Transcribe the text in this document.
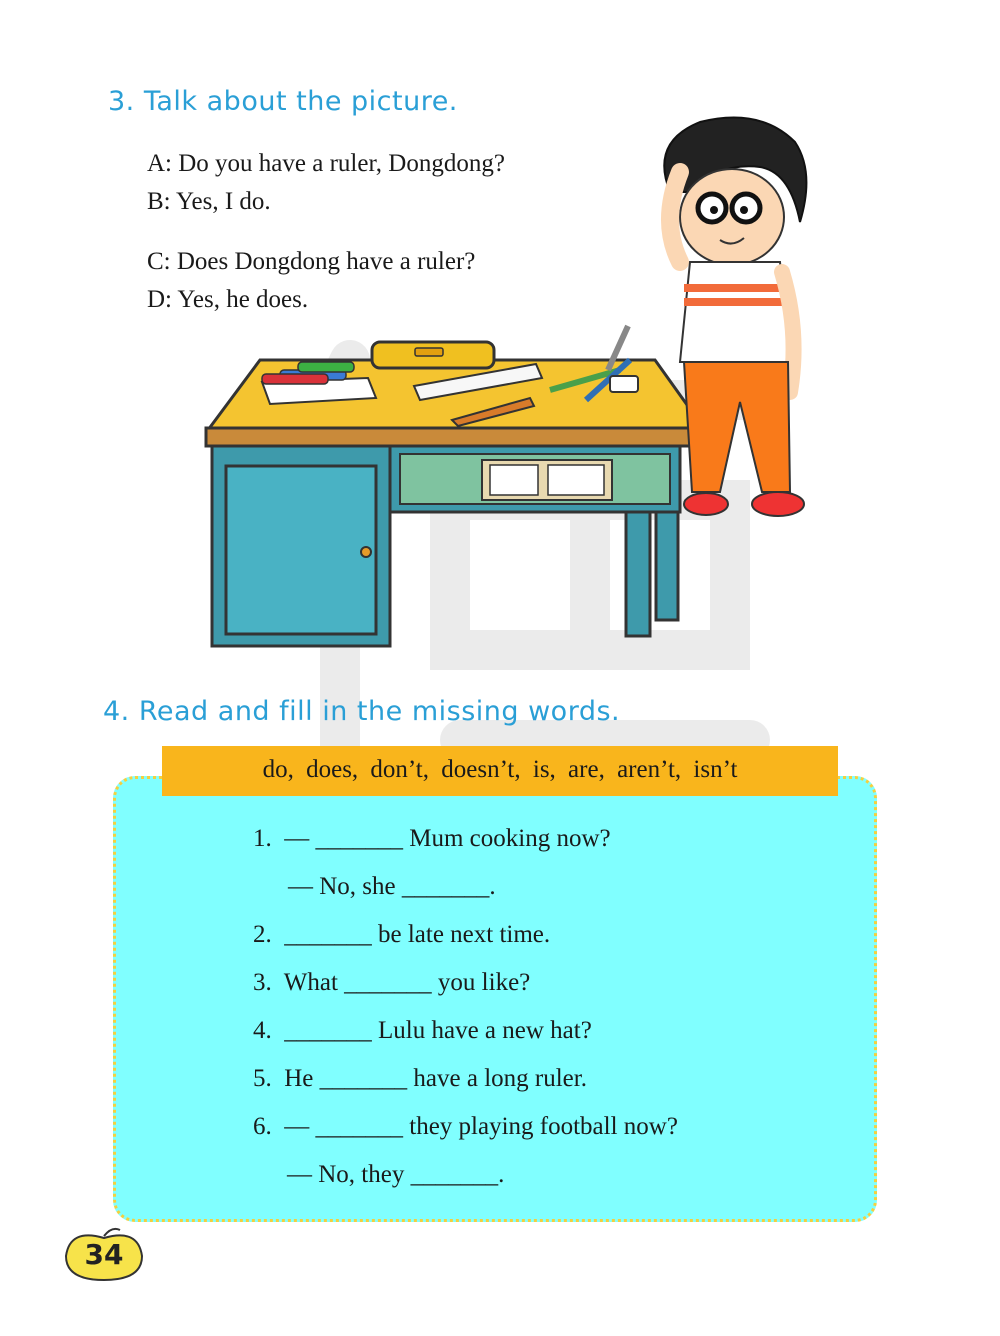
3. Talk about the picture.
A: Do you have a ruler, Dongdong?
B: Yes, I do.
C: Does Dongdong have a ruler?
D: Yes, he does.
4. Read and fill in the missing words.
do, does, don’t, doesn’t, is, are, aren’t, isn’t
1.  — _______ Mum cooking now?
— No, she _______.
2.  _______ be late next time.
3.  What _______ you like?
4.  _______ Lulu have a new hat?
5.  He _______ have a long ruler.
6.  — _______ they playing football now?
— No, they _______.
34
